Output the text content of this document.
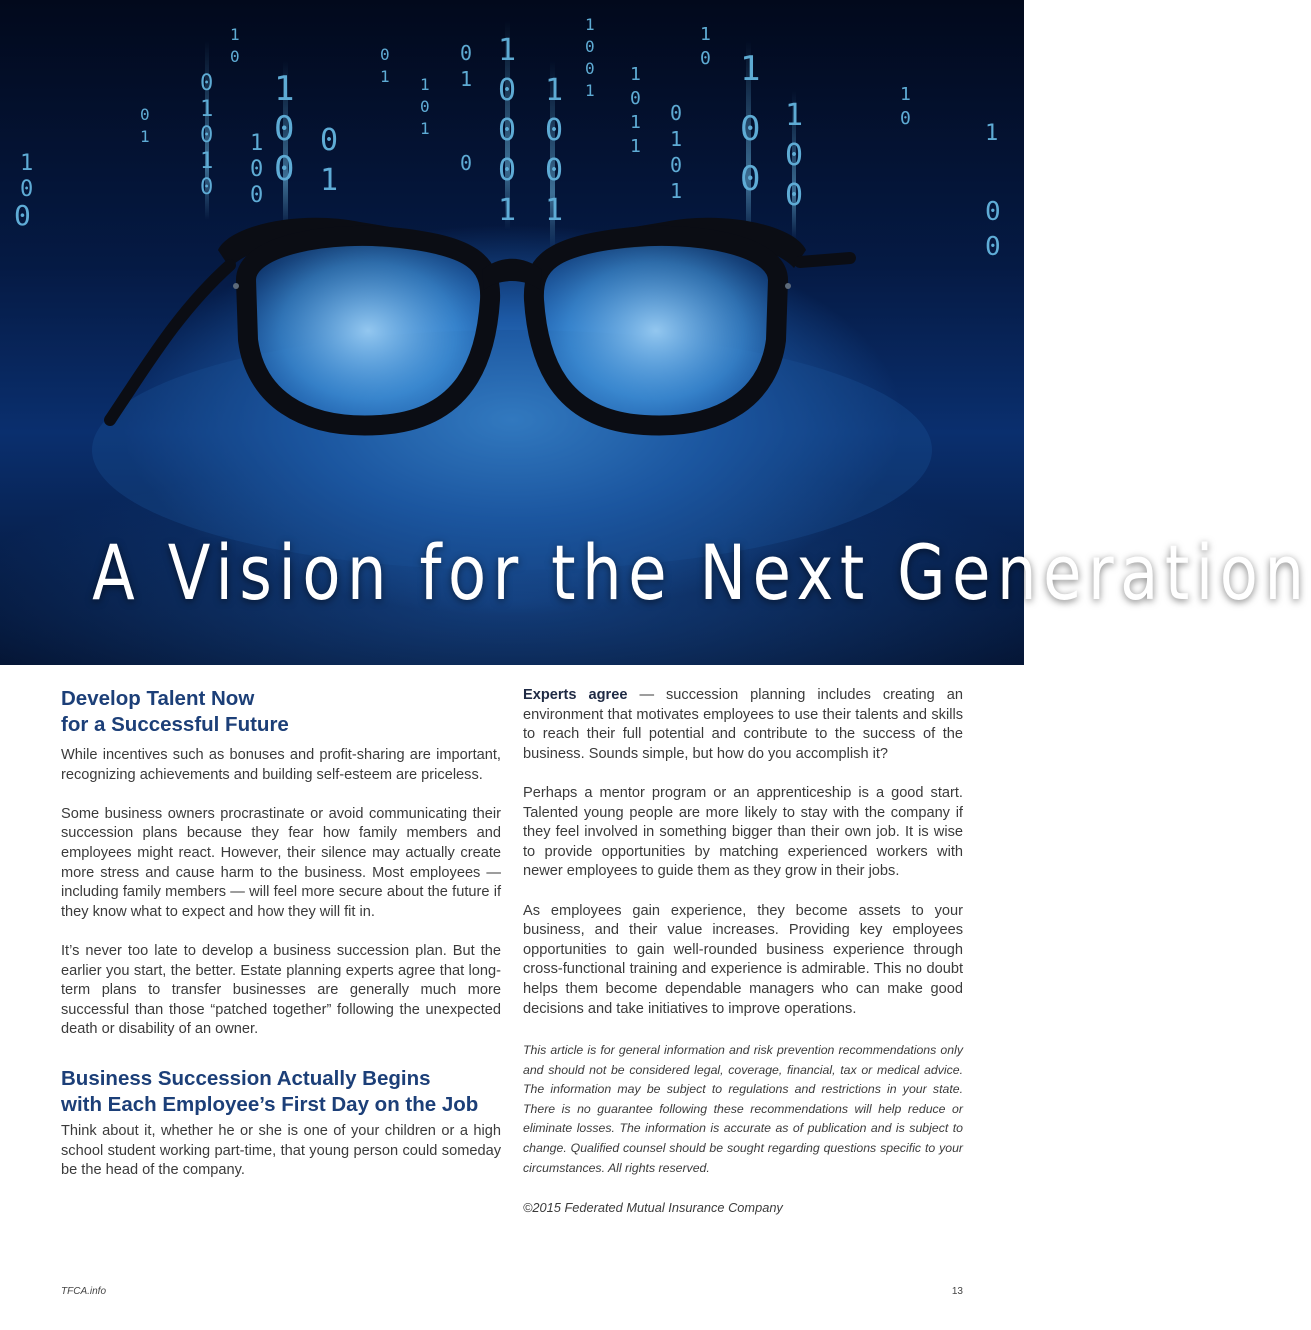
0
1
0
1
0
1
0
0
0
1
1
0
0
1
0
0
0
1
1
0
0
1
1
0
0
1
0
0
1
0
1
1
0
1
0
1
1
0
1
0
0
1
0
1
0
1
0
1
0
1
1
0
0
1
0
0
1
0
0
1
1
0
A Vision for the Next Generation
Develop Talent Now
for a Successful Future

While incentives such as bonuses and profit-sharing are important, recognizing achievements and building self-esteem are priceless.

Some business owners procrastinate or avoid communicating their succession plans because they fear how family members and employees might react. However, their silence may actually create more stress and cause harm to the business. Most employees — including family members — will feel more secure about the future if they know what to expect and how they will fit in.

It’s never too late to develop a business succession plan. But the earlier you start, the better. Estate planning experts agree that long-term plans to transfer businesses are generally much more successful than those “patched together” following the unexpected death or disability of an owner.

Business Succession Actually Begins
with Each Employee’s First Day on the Job

Think about it, whether he or she is one of your children or a high school student working part-time, that young person could someday be the head of the company.

Experts agree — succession planning includes creating an environment that motivates employees to use their talents and skills to reach their full potential and contribute to the success of the business. Sounds simple, but how do you accomplish it?

Perhaps a mentor program or an apprenticeship is a good start. Talented young people are more likely to stay with the company if they feel involved in something bigger than their own job. It is wise to provide opportunities by matching experienced workers with newer employees to guide them as they grow in their jobs.

As employees gain experience, they become assets to your business, and their value increases. Providing key employees opportunities to gain well-rounded business experience through cross-functional training and experience is admirable. This no doubt helps them become dependable managers who can make good decisions and take initiatives to improve operations.

This article is for general information and risk prevention recommendations only and should not be considered legal, coverage, financial, tax or medical advice. The information may be subject to regulations and restrictions in your state. There is no guarantee following these recommendations will help reduce or eliminate losses. The information is accurate as of publication and is subject to change. Qualified counsel should be sought regarding questions specific to your circumstances. All rights reserved.

©2015 Federated Mutual Insurance Company

TFCA.info	13
